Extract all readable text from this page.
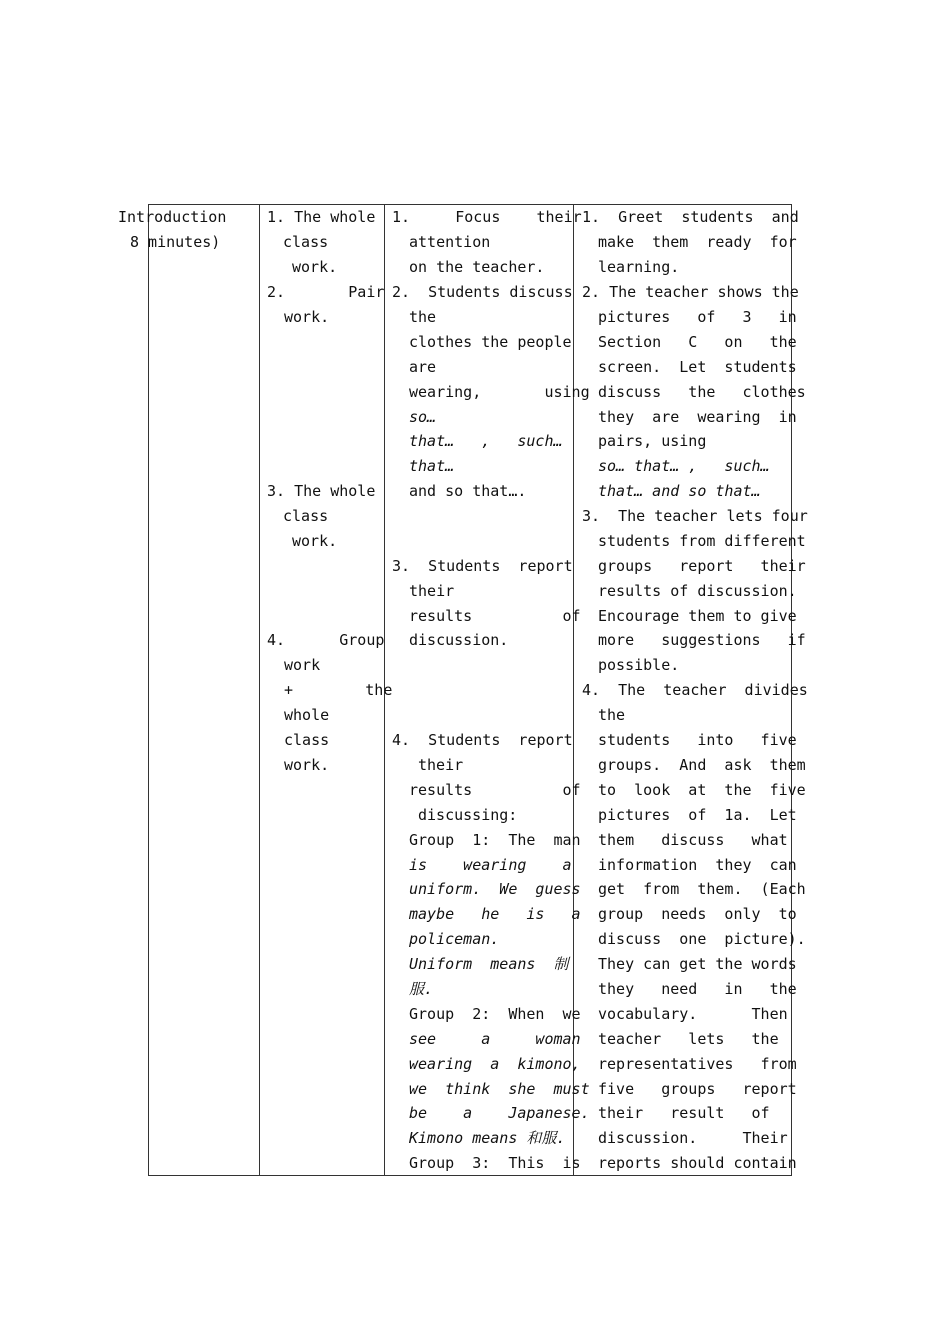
Introduction
8 minutes)
1. The whole
class
work.
2.       Pair
work.
3. The whole
class
work.
4.      Group
work
+        the
whole
class
work.
1.     Focus    their
attention
on the teacher.
2.  Students discuss
the
clothes the people
are
wearing,       using
so…
that…   ,   such…
that…
and so that….
3.  Students  report
their
results          of
discussion.
4.  Students  report
their
results          of
discussing:
Group  1:  The  man
is    wearing    a
uniform.  We  guess
maybe   he   is   a
policeman.
Uniform  means  制
服.
Group  2:  When  we
see     a     woman
wearing  a  kimono,
we  think  she  must
be    a    Japanese.
Kimono means 和服.
Group  3:  This  is
1.  Greet  students  and
make  them  ready  for
learning.
2. The teacher shows the
pictures   of   3   in
Section   C   on   the
screen.  Let  students
discuss   the   clothes
they  are  wearing  in
pairs, using
so… that… ,   such…
that… and so that…
3.  The teacher lets four
students from different
groups   report   their
results of discussion.
Encourage them to give
more   suggestions   if
possible.
4.  The  teacher  divides
the
students   into   five
groups.  And  ask  them
to  look  at  the  five
pictures  of  1a.  Let
them   discuss   what
information  they  can
get  from  them.  (Each
group  needs  only  to
discuss  one  picture).
They can get the words
they   need   in   the
vocabulary.      Then
teacher   lets   the
representatives   from
five   groups   report
their   result   of
discussion.     Their
reports should contain
